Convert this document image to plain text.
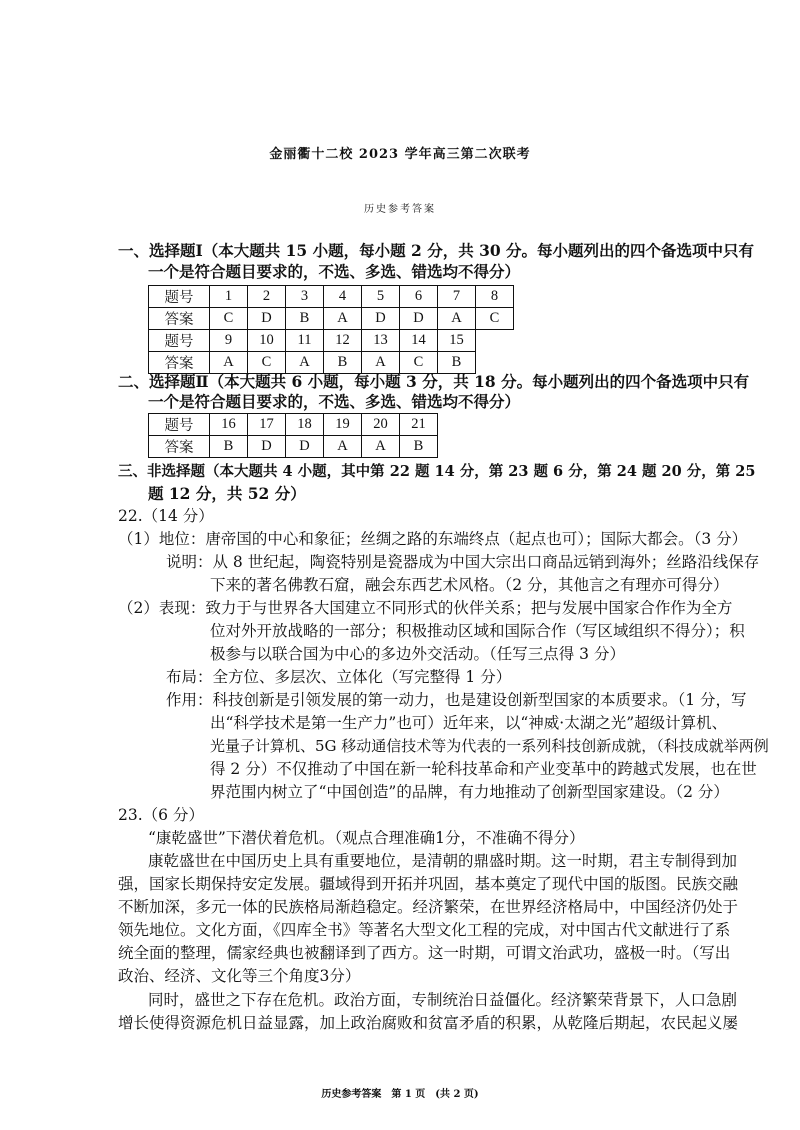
金丽衢十二校 2023 学年高三第二次联考
历史参考答案
一、选择题Ⅰ（本大题共 15 小题，每小题 2 分，共 30 分。每小题列出的四个备选项中只有
一个是符合题目要求的，不选、多选、错选均不得分）
题号	1	2	3	4	5	6	7	8
答案	C	D	B	A	D	D	A	C
题号	9	10	11	12	13	14	15
答案	A	C	A	B	A	C	B
二、选择题Ⅱ（本大题共 6 小题，每小题 3 分，共 18 分。每小题列出的四个备选项中只有
一个是符合题目要求的，不选、多选、错选均不得分）
题号	16	17	18	19	20	21
答案	B	D	D	A	A	B
三、非选择题（本大题共 4 小题，其中第 22 题 14 分，第 23 题 6 分，第 24 题 20 分，第 25
题 12 分，共 52 分）
22.（14 分）
（1）地位：唐帝国的中心和象征；丝绸之路的东端终点（起点也可）；国际大都会。（3 分）
说明：从 8 世纪起，陶瓷特别是瓷器成为中国大宗出口商品远销到海外；丝路沿线保存
下来的著名佛教石窟，融会东西艺术风格。（2 分，其他言之有理亦可得分）
（2）表现：致力于与世界各大国建立不同形式的伙伴关系；把与发展中国家合作作为全方
位对外开放战略的一部分；积极推动区域和国际合作（写区域组织不得分）；积
极参与以联合国为中心的多边外交活动。（任写三点得 3 分）
布局：全方位、多层次、立体化（写完整得 1 分）
作用：科技创新是引领发展的第一动力，也是建设创新型国家的本质要求。（1 分，写
出“科学技术是第一生产力”也可）近年来，以“神威·太湖之光”超级计算机、
光量子计算机、5G 移动通信技术等为代表的一系列科技创新成就，（科技成就举两例
得 2 分）不仅推动了中国在新一轮科技革命和产业变革中的跨越式发展，也在世
界范围内树立了“中国创造”的品牌，有力地推动了创新型国家建设。（2 分）
23.（6 分）
“康乾盛世”下潜伏着危机。（观点合理准确1分，不准确不得分）
康乾盛世在中国历史上具有重要地位，是清朝的鼎盛时期。这一时期，君主专制得到加
强，国家长期保持安定发展。疆域得到开拓并巩固，基本奠定了现代中国的版图。民族交融
不断加深，多元一体的民族格局渐趋稳定。经济繁荣，在世界经济格局中，中国经济仍处于
领先地位。文化方面，《四库全书》等著名大型文化工程的完成，对中国古代文献进行了系
统全面的整理，儒家经典也被翻译到了西方。这一时期，可谓文治武功，盛极一时。（写出
政治、经济、文化等三个角度3分）
同时，盛世之下存在危机。政治方面，专制统治日益僵化。经济繁荣背景下，人口急剧
增长使得资源危机日益显露，加上政治腐败和贫富矛盾的积累，从乾隆后期起，农民起义屡
历史参考答案　第 1 页　(共 2 页)
